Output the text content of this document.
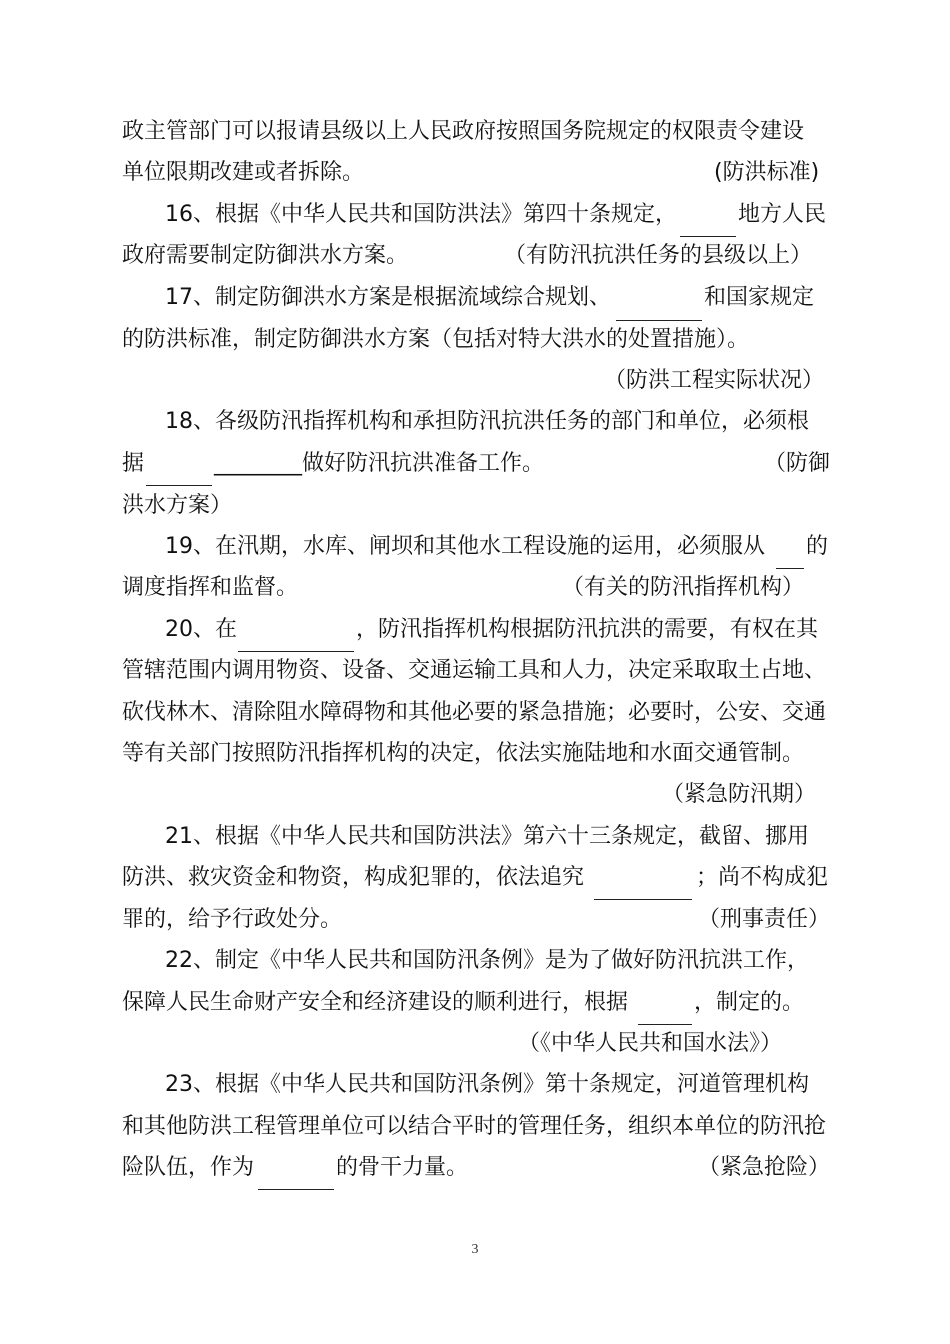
政主管部门可以报请县级以上人民政府按照国务院规定的权限责令建设
单位限期改建或者拆除。	(防洪标准)
16、根据《中华人民共和国防洪法》第四十条规定，	地方人民
政府需要制定防御洪水方案。	（有防汛抗洪任务的县级以上）
17、制定防御洪水方案是根据流域综合规划、	和国家规定
的防洪标准，制定防御洪水方案（包括对特大洪水的处置措施）。
（防洪工程实际状况）
18、各级防汛指挥机构和承担防汛抗洪任务的部门和单位，必须根
据	________做好防汛抗洪准备工作。	（防御
洪水方案）
19、在汛期，水库、闸坝和其他水工程设施的运用，必须服从 的
调度指挥和监督。	（有关的防汛指挥机构）
20、在	，防汛指挥机构根据防汛抗洪的需要，有权在其
管辖范围内调用物资、设备、交通运输工具和人力，决定采取取土占地、
砍伐林木、清除阻水障碍物和其他必要的紧急措施；必要时，公安、交通
等有关部门按照防汛指挥机构的决定，依法实施陆地和水面交通管制。
（紧急防汛期）
21、根据《中华人民共和国防洪法》第六十三条规定，截留、挪用
防洪、救灾资金和物资，构成犯罪的，依法追究	；尚不构成犯
罪的，给予行政处分。	（刑事责任）
22、制定《中华人民共和国防汛条例》是为了做好防汛抗洪工作，
保障人民生命财产安全和经济建设的顺利进行，根据	，制定的。
（《中华人民共和国水法》）
23、根据《中华人民共和国防汛条例》第十条规定，河道管理机构
和其他防洪工程管理单位可以结合平时的管理任务，组织本单位的防汛抢
险队伍，作为	的骨干力量。	（紧急抢险）
3
